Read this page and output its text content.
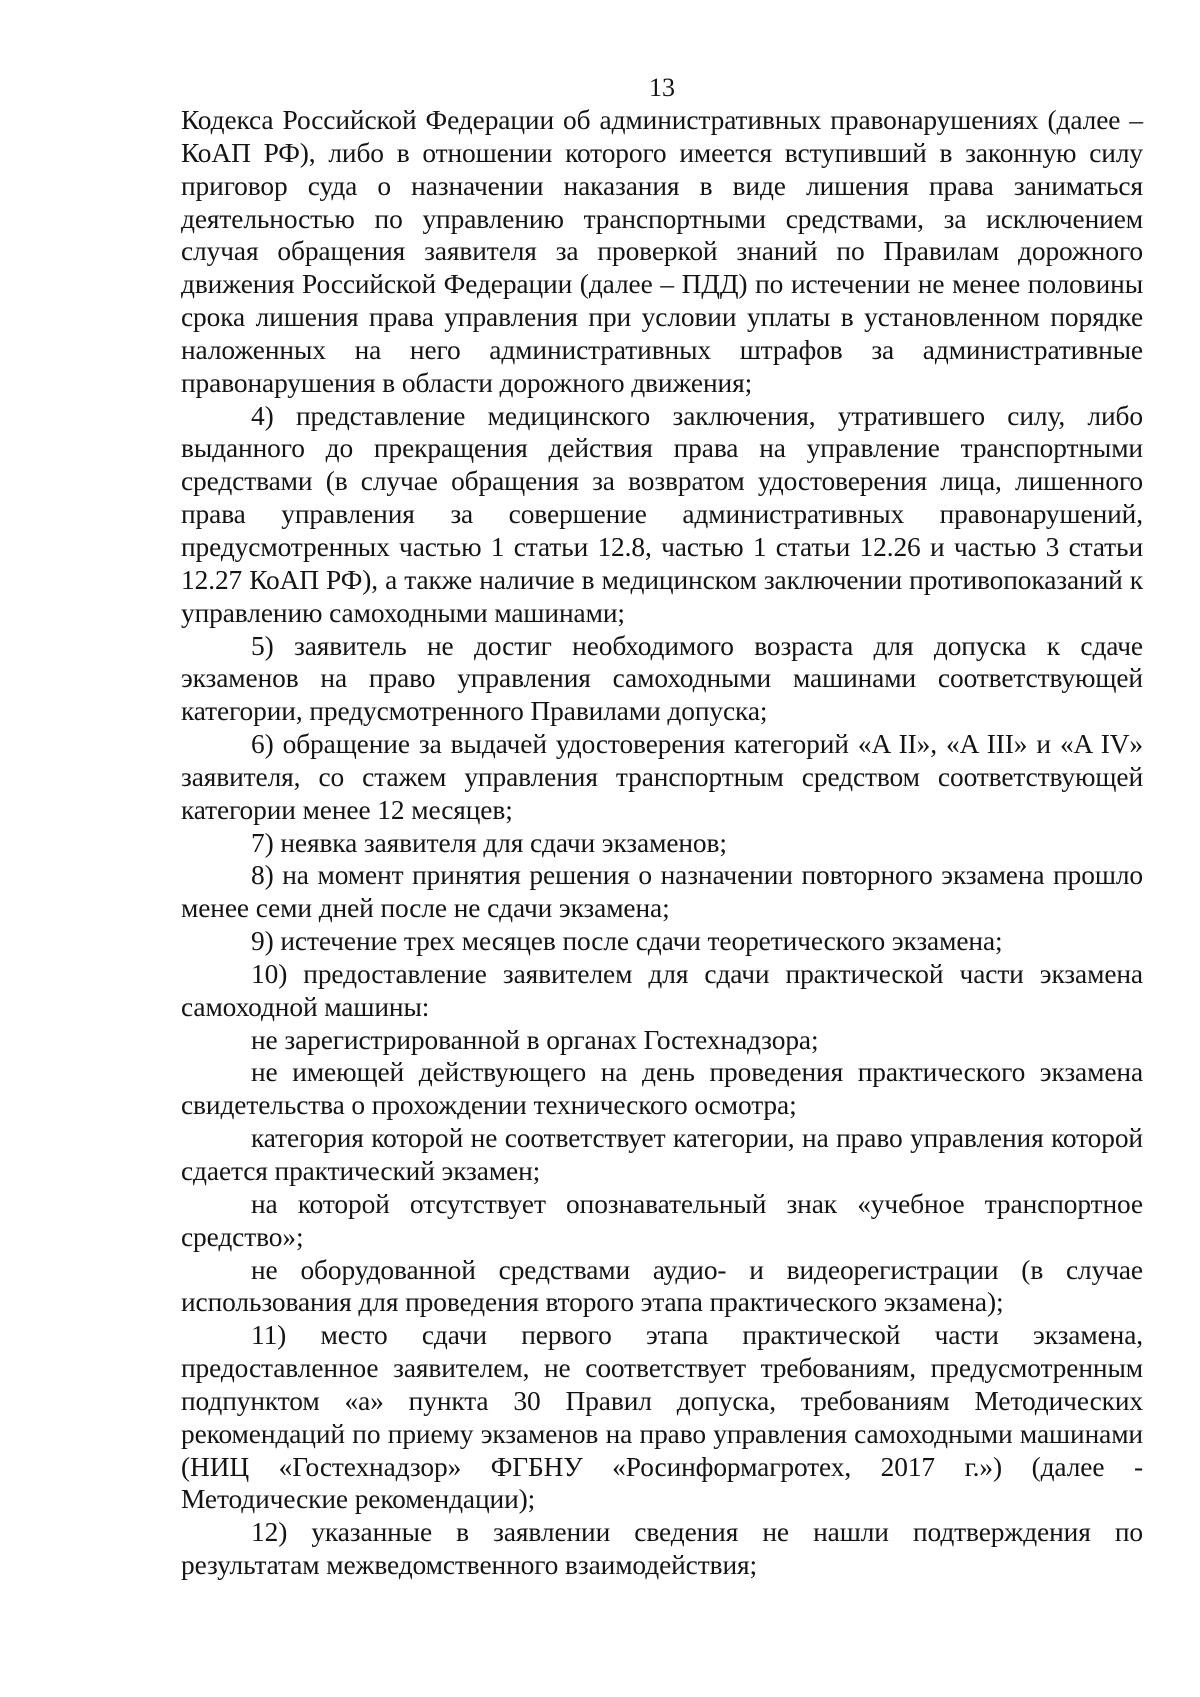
13

Кодекса Российской Федерации об административных правонарушениях (далее – КоАП РФ), либо в отношении которого имеется вступивший в законную силу приговор суда о назначении наказания в виде лишения права заниматься деятельностью по управлению транспортными средствами, за исключением случая обращения заявителя за проверкой знаний по Правилам дорожного движения Российской Федерации (далее – ПДД) по истечении не менее половины срока лишения права управления при условии уплаты в установленном порядке наложенных на него административных штрафов за административные правонарушения в области дорожного движения;

4) представление медицинского заключения, утратившего силу, либо выданного до прекращения действия права на управление транспортными средствами (в случае обращения за возвратом удостоверения лица, лишенного права управления за совершение административных правонарушений, предусмотренных частью 1 статьи 12.8, частью 1 статьи 12.26 и частью 3 статьи 12.27 КоАП РФ), а также наличие в медицинском заключении противопоказаний к управлению самоходными машинами;

5) заявитель не достиг необходимого возраста для допуска к сдаче экзаменов на право управления самоходными машинами соответствующей категории, предусмотренного Правилами допуска;

6) обращение за выдачей удостоверения категорий «A II», «A III» и «A IV» заявителя, со стажем управления транспортным средством соответствующей категории менее 12 месяцев;

7) неявка заявителя для сдачи экзаменов;

8) на момент принятия решения о назначении повторного экзамена прошло менее семи дней после не сдачи экзамена;

9) истечение трех месяцев после сдачи теоретического экзамена;

10) предоставление заявителем для сдачи практической части экзамена самоходной машины:

не зарегистрированной в органах Гостехнадзора;

не имеющей действующего на день проведения практического экзамена свидетельства о прохождении технического осмотра;

категория которой не соответствует категории, на право управления которой сдается практический экзамен;

на которой отсутствует опознавательный знак «учебное транспортное средство»;

не оборудованной средствами аудио- и видеорегистрации (в случае использования для проведения второго этапа практического экзамена);

11) место сдачи первого этапа практической части экзамена, предоставленное заявителем, не соответствует требованиям, предусмотренным подпунктом «а» пункта 30 Правил допуска, требованиям Методических рекомендаций по приему экзаменов на право управления самоходными машинами (НИЦ «Гостехнадзор» ФГБНУ «Росинформагротех, 2017 г.») (далее - Методические рекомендации);

12) указанные в заявлении сведения не нашли подтверждения по результатам межведомственного взаимодействия;
